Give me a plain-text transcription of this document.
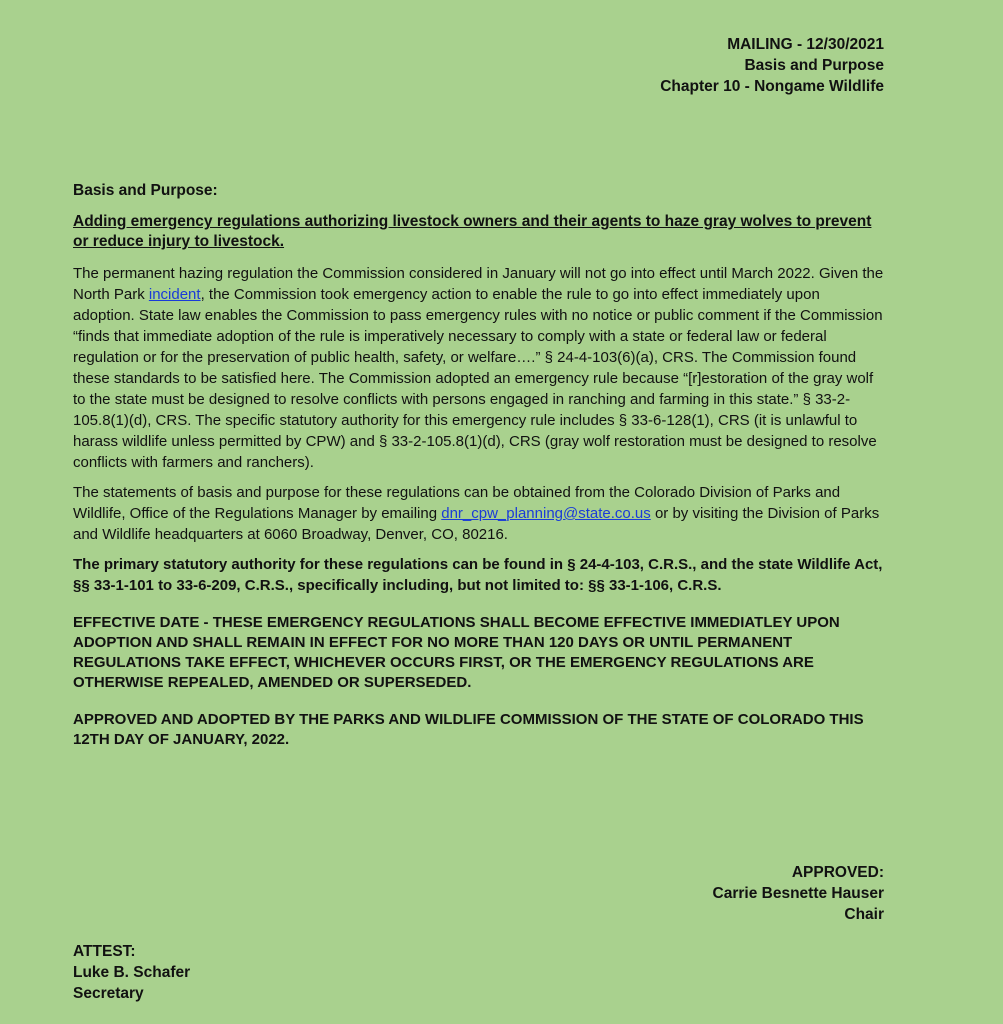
MAILING - 12/30/2021
Basis and Purpose
Chapter 10 - Nongame Wildlife
Basis and Purpose:
Adding emergency regulations authorizing livestock owners and their agents to haze gray wolves to prevent or reduce injury to livestock.

The permanent hazing regulation the Commission considered in January will not go into effect until March 2022. Given the North Park incident, the Commission took emergency action to enable the rule to go into effect immediately upon adoption. State law enables the Commission to pass emergency rules with no notice or public comment if the Commission “finds that immediate adoption of the rule is imperatively necessary to comply with a state or federal law or federal regulation or for the preservation of public health, safety, or welfare….” § 24-4-103(6)(a), CRS. The Commission found these standards to be satisfied here. The Commission adopted an emergency rule because “[r]estoration of the gray wolf to the state must be designed to resolve conflicts with persons engaged in ranching and farming in this state.” § 33-2-105.8(1)(d), CRS. The specific statutory authority for this emergency rule includes § 33-6-128(1), CRS (it is unlawful to harass wildlife unless permitted by CPW) and § 33-2-105.8(1)(d), CRS (gray wolf restoration must be designed to resolve conflicts with farmers and ranchers).

The statements of basis and purpose for these regulations can be obtained from the Colorado Division of Parks and Wildlife, Office of the Regulations Manager by emailing dnr_cpw_planning@state.co.us or by visiting the Division of Parks and Wildlife headquarters at 6060 Broadway, Denver, CO, 80216.

The primary statutory authority for these regulations can be found in § 24-4-103, C.R.S., and the state Wildlife Act, §§ 33-1-101 to 33-6-209, C.R.S., specifically including, but not limited to: §§ 33-1-106, C.R.S.

EFFECTIVE DATE - THESE EMERGENCY REGULATIONS SHALL BECOME EFFECTIVE IMMEDIATLEY UPON ADOPTION AND SHALL REMAIN IN EFFECT FOR NO MORE THAN 120 DAYS OR UNTIL PERMANENT REGULATIONS TAKE EFFECT, WHICHEVER OCCURS FIRST, OR THE EMERGENCY REGULATIONS ARE OTHERWISE REPEALED, AMENDED OR SUPERSEDED.

APPROVED AND ADOPTED BY THE PARKS AND WILDLIFE COMMISSION OF THE STATE OF COLORADO THIS 12TH DAY OF JANUARY, 2022.

APPROVED:
Carrie Besnette Hauser
Chair
ATTEST:
Luke B. Schafer
Secretary
